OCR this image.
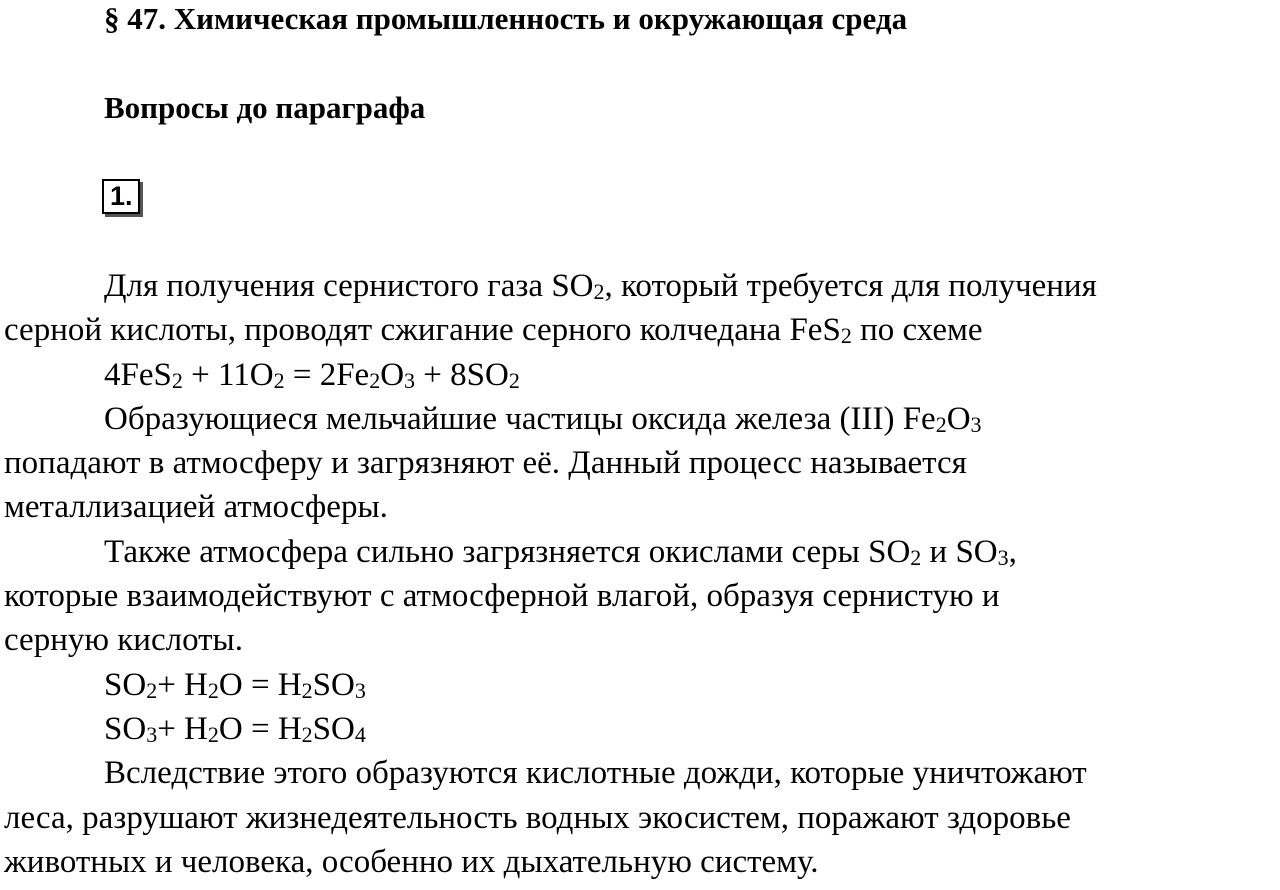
§ 47. Химическая промышленность и окружающая среда
Вопросы до параграфа
1.
Для получения сернистого газа $SO_2$, который требуется для получения
серной кислоты, проводят сжигание серного колчедана FeS$_2$ по схеме
$4FeS_2 + 11O_2 = 2Fe_2O_3 + 8SO_2$
Образующиеся мельчайшие частицы оксида железа (III) $Fe_2O_3$
попадают в атмосферу и загрязняют её. Данный процесс называется
металлизацией атмосферы.
Также атмосфера сильно загрязняется окислами серы $SO_2$ и $SO_3$,
которые взаимодействуют с атмосферной влагой, образуя сернистую и
серную кислоты.
$SO_2+ H_2O = H_2SO_3$
$SO_3+ H_2O = H_2SO_4$
Вследствие этого образуются кислотные дожди, которые уничтожают
леса, разрушают жизнедеятельность водных экосистем, поражают здоровье
животных и человека, особенно их дыхательную систему.
